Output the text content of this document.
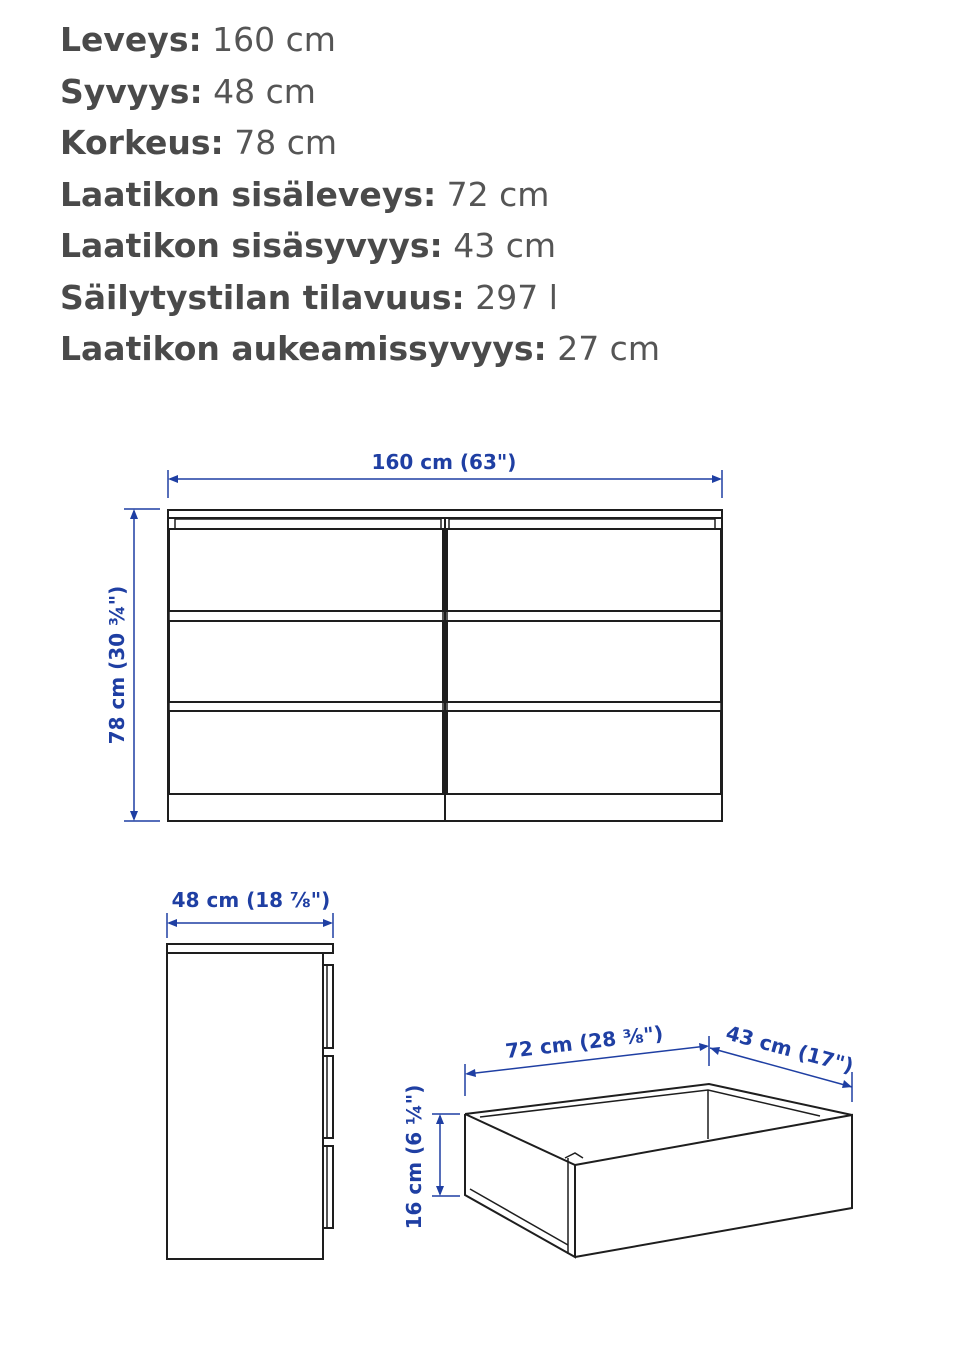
Leveys: 160 cm
Syvyys: 48 cm
Korkeus: 78 cm
Laatikon sisäleveys: 72 cm
Laatikon sisäsyvyys: 43 cm
Säilytystilan tilavuus: 297 l
Laatikon aukeamissyvyys: 27 cm
160 cm (63")
78 cm (30 ¾")
48 cm (18 ⅞")
72 cm (28 ⅜")	43 cm (17")
16 cm (6 ¼")
